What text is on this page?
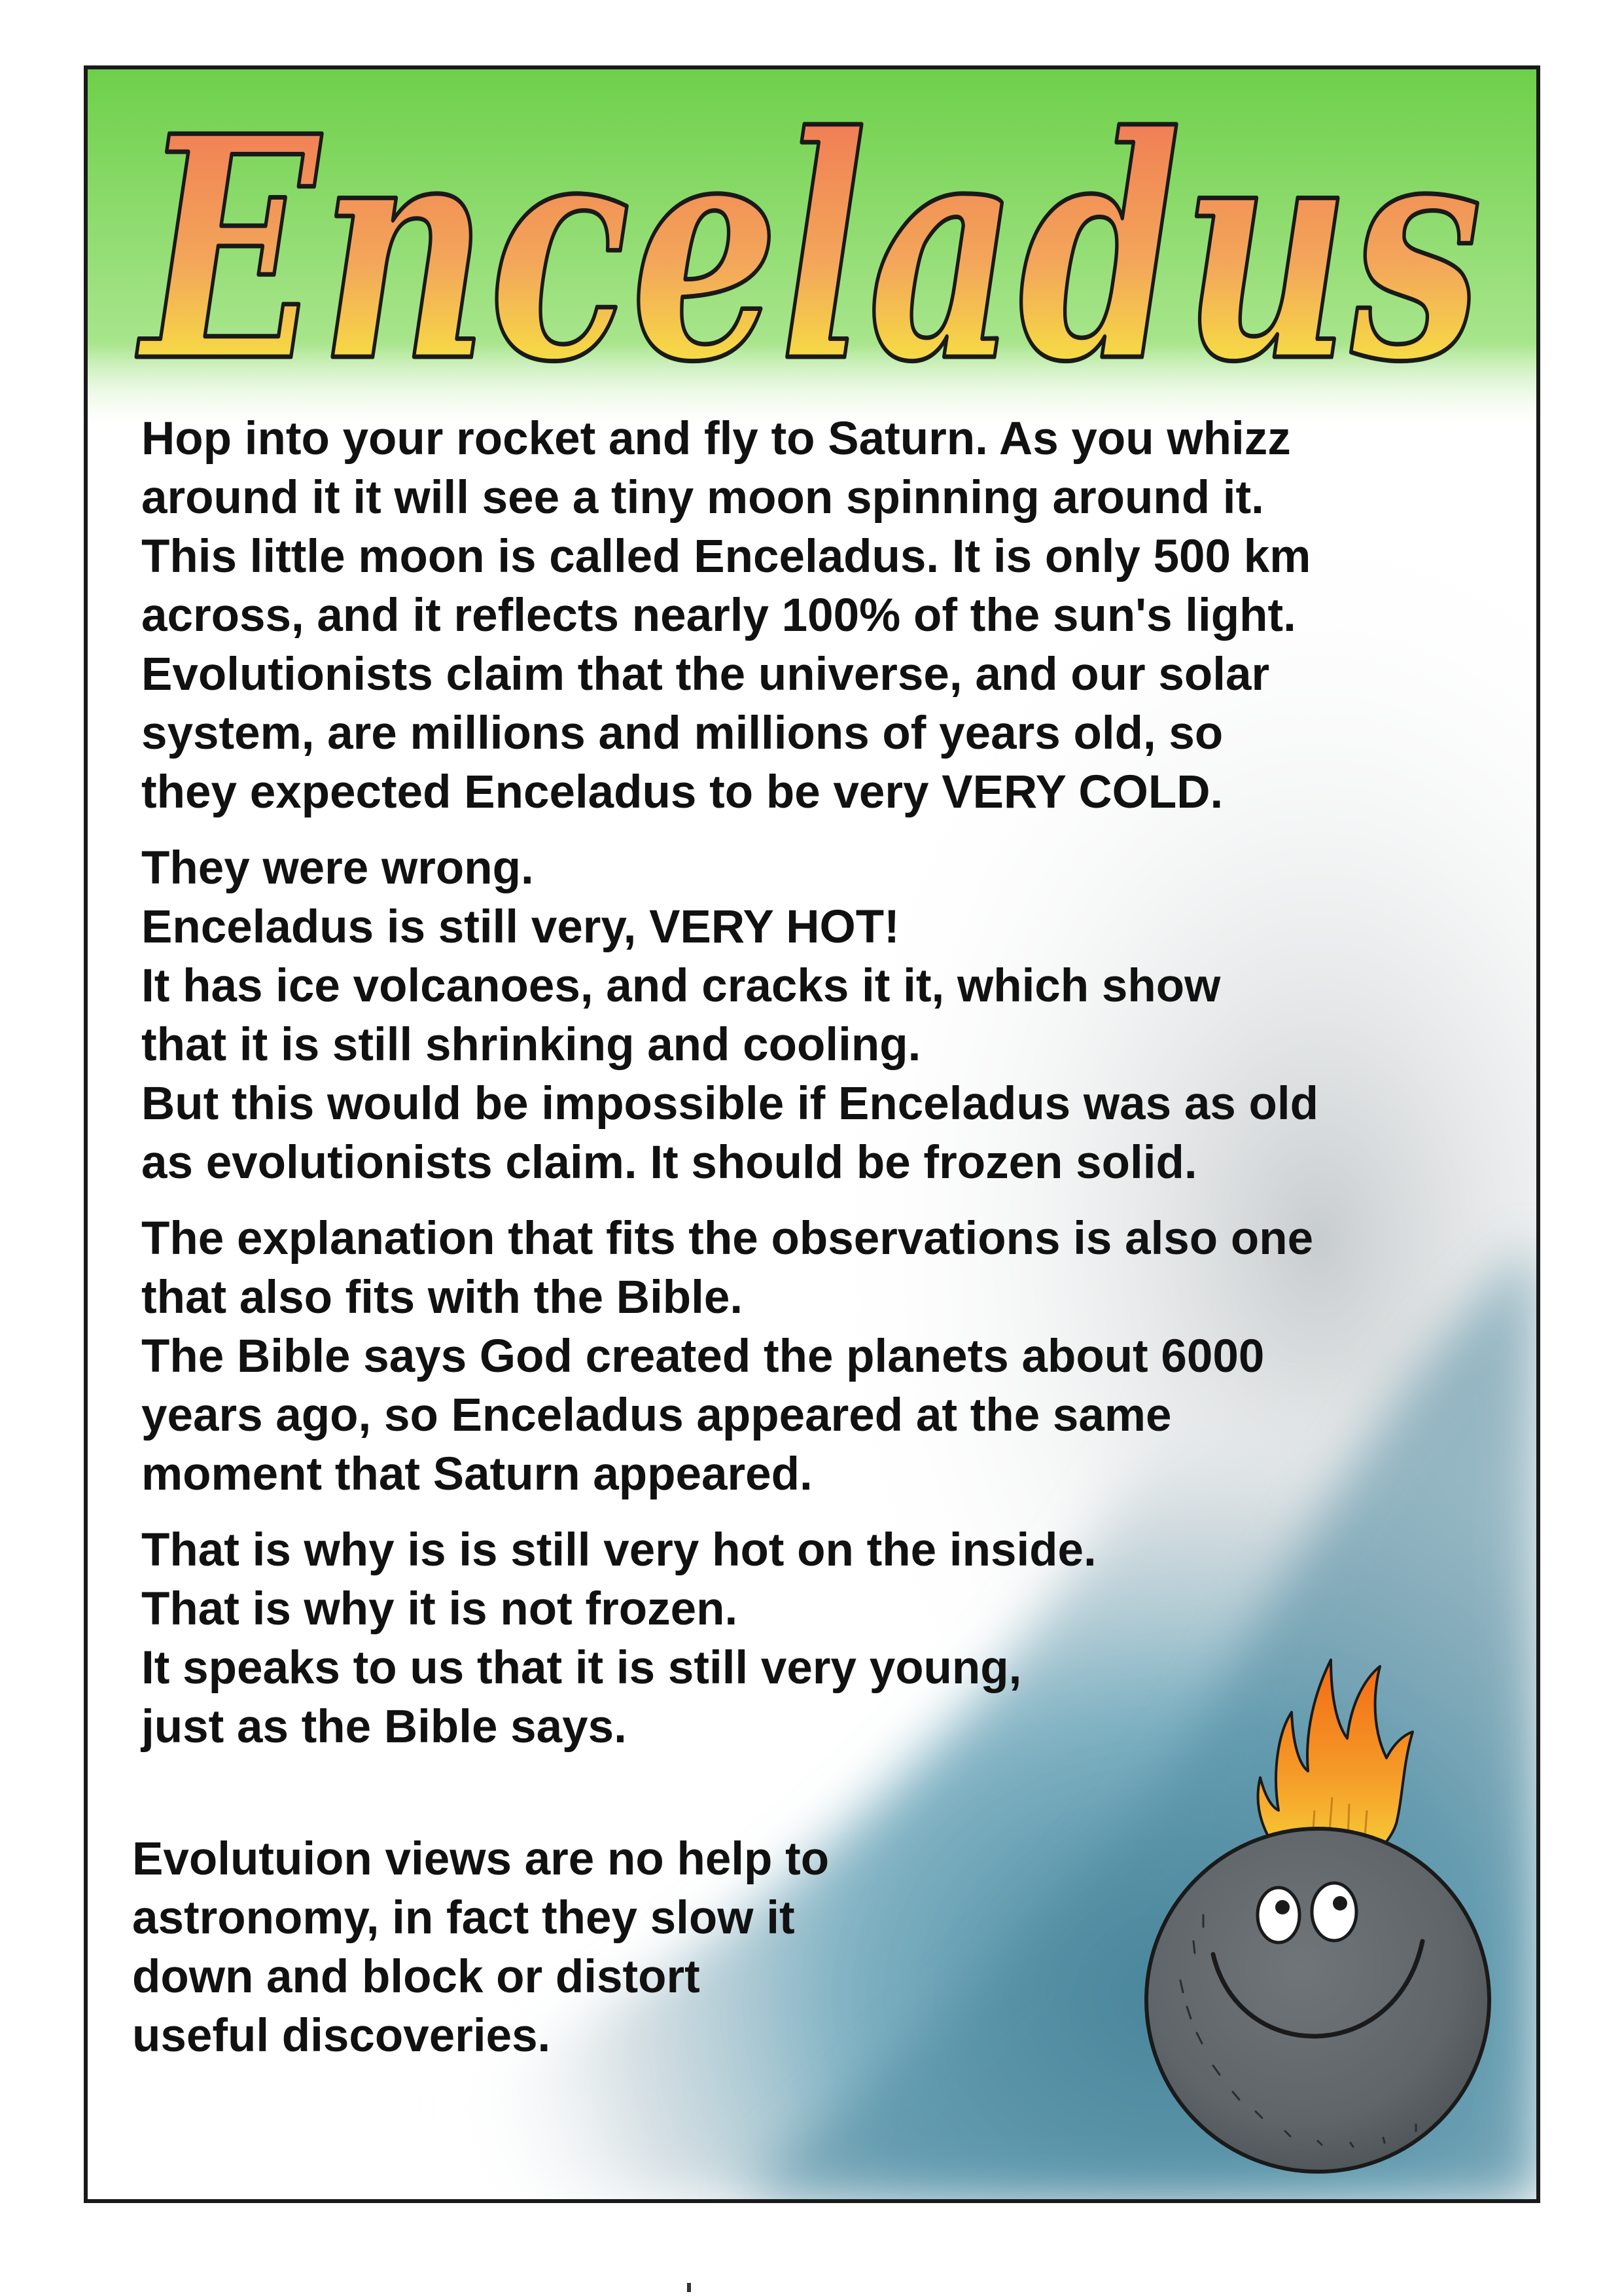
Enceladus
Hop into your rocket and fly to Saturn. As you whizz
around it it will see a tiny moon spinning around it.
This little moon is called Enceladus. It is only 500 km
across, and it reflects nearly 100% of the sun's light.
Evolutionists claim that the universe, and our solar
system, are millions and millions of years old, so
they expected Enceladus to be very VERY COLD.
They were wrong.
Enceladus is still very, VERY HOT!
It has ice volcanoes, and cracks it it, which show
that it is still shrinking and cooling.
But this would be impossible if Enceladus was as old
as evolutionists claim. It should be frozen solid.
The explanation that fits the observations is also one
that also fits with the Bible.
The Bible says God created the planets about 6000
years ago, so Enceladus appeared at the same
moment that Saturn appeared.
That is why is is still very hot on the inside.
That is why it is not frozen.
It speaks to us that it is still very young,
just as the Bible says.
Evolutuion views are no help to
astronomy, in fact they slow it
down and block or distort
useful discoveries.
